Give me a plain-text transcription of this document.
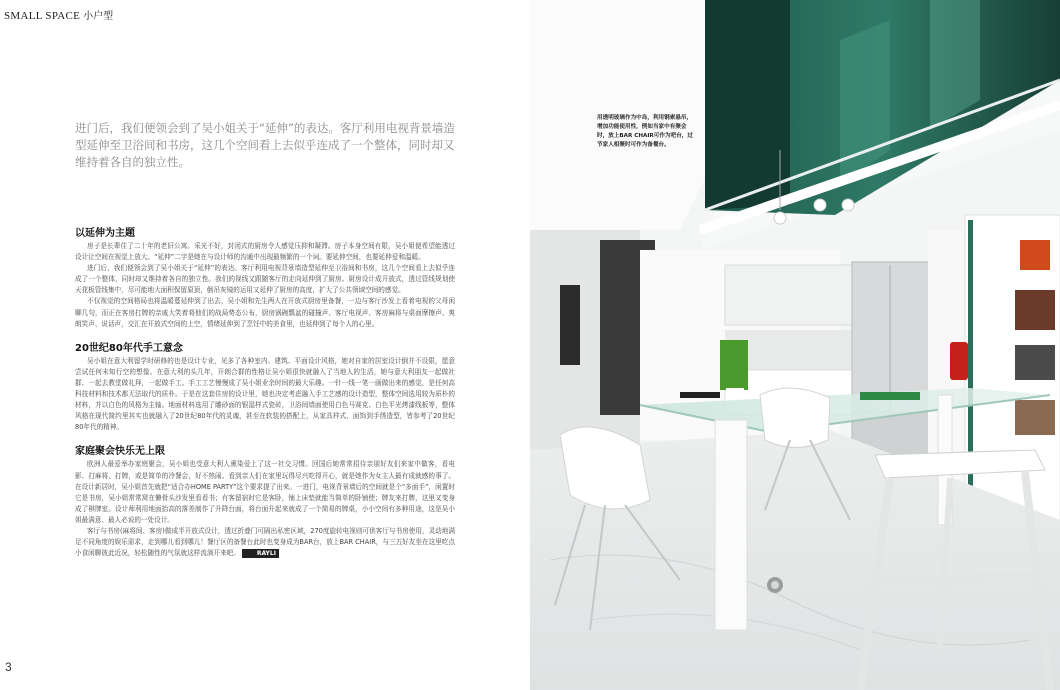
SMALL SPACE 小户型
进门后，我们便领会到了吴小姐关于“延伸”的表达。客厅利用电视背景墙造型延伸至卫浴间和书房，这几个空间看上去似乎连成了一个整体，同时却又维持着各自的独立性。
以延伸为主题

房子是长辈住了二十年的老旧公寓。采光不好，封闭式的厨房令人感觉压抑和凝滞。房子本身空间有限，吴小姐便希望能透过设计让空间在视觉上放大。“延伸”二字是她在与设计师的沟通中出现最频繁的一个词。要延伸空间，也要延伸爱和温暖。

进门后，我们便领会到了吴小姐关于“延伸”的表达。客厅利用电视背景墙造型延伸至卫浴间和书房，这几个空间看上去似乎连成了一个整体，同时却又维持着各自的独立性。我们的视线又跟随客厅的走向延伸到了厨房。厨房设计成开放式，透过管线规划使天花板管线集中，尽可能地大面积保留原顶，倒吊灰镜的运用又延伸了厨房的高度，扩大了公共领域空间的感觉。

不仅视觉的空间格局也将温暖蔓延伸到了出去，吴小姐和先生两人在开放式厨房里备餐，一边与客厅沙发上看着电视的父母闲聊几句，而正在客房打牌的亲戚大笑着将他们的战局势态公布，厨房锅碗瓢盆的碰撞声、客厅电视声、客房麻将与桌面摩擦声、爽朗笑声、说话声，交汇在开放式空间的上空，情绪延伸到了烹饪中的美食里，也延伸到了每个人的心里。

20世纪80年代手工意念

吴小姐在意大利留学时研修的也是设计专业，见多了各种室内、建筑、平面设计风格，她对自家的居室设计倒并不设限，愿意尝试任何未知行空的想像。在意大利的头几年，开朗合群的性格让吴小姐很快就融入了当地人的生活，她与意大利朋友一起做社群、一起去教堂做礼拜，一起做手工。手工工艺慢慢成了吴小姐业余时间的最大乐趣。一针一线一笔一画做出来的感觉，是任何高科技材料和技术都无法取代的质朴。于是在这套住房的设计里，她也决定考虑融入手工艺感的设计造型，整体空间选用较为质朴的材料，并以白色的风格为主轴。地面材料选用了雕砂面的银湿样式瓷砖，卫浴间墙面使用白色马赛克、白色平光烤漆线板等，整体风格在现代简约里其实也就融入了20世纪80年代的灵魂，甚至在软装的搭配上，从家具样式、面饰到手绣造型，皆参考了20世纪80年代的精神。

家庭聚会快乐无上限

欧洲人最爱举办家庭聚会，吴小姐也受意大利人熏染爱上了这一社交习惯。回国后她常常招待亲朋好友们来家中做客，看电影、打麻将、打牌，或是简单的冷餐会，好不热闹。看到亲人们在家里玩得尽兴吃得开心，就是她作为女主人最有成就感的事了。在设计新居时，吴小姐首先就把“适合办HOME PARTY”这个要求提了出来。一进门，电视背景墙后的空间就是个“多面手”，闲置时它是书房，吴小姐常常窝在懒骨头沙发里看看书；有客留宿时它是客卧，铺上床垫就能当简单的卧铺使；牌友来打牌，这里又变身成了棋牌室。设计师利用地面抬高的落差制作了升降台面，将台面升起来就成了一个简易的牌桌，小小空间有多种用途，这是吴小姐最满意、最人必说的一处设计。

客厅与书房(麻将间、客房)做成半开放式设计，透过折叠门可隔出私密区域，270度旋转电视则可供客厅与书房使用，灵动地满足不同角度的娱乐需求，走到哪儿看到哪儿！餐厅区的备餐台此时也变身成为BAR台，放上BAR CHAIR，与三五好友坐在这里吃点小食闲聊彼此近况，轻松随性的气氛就这样流淌开来吧。	RAYLI

3
用透明玻璃作为中岛，利用钢索悬吊，增加功能使用性，例如当家中有聚会时，放上BAR CHAIR可作为吧台，过节家人相聚时可作为备餐台。
